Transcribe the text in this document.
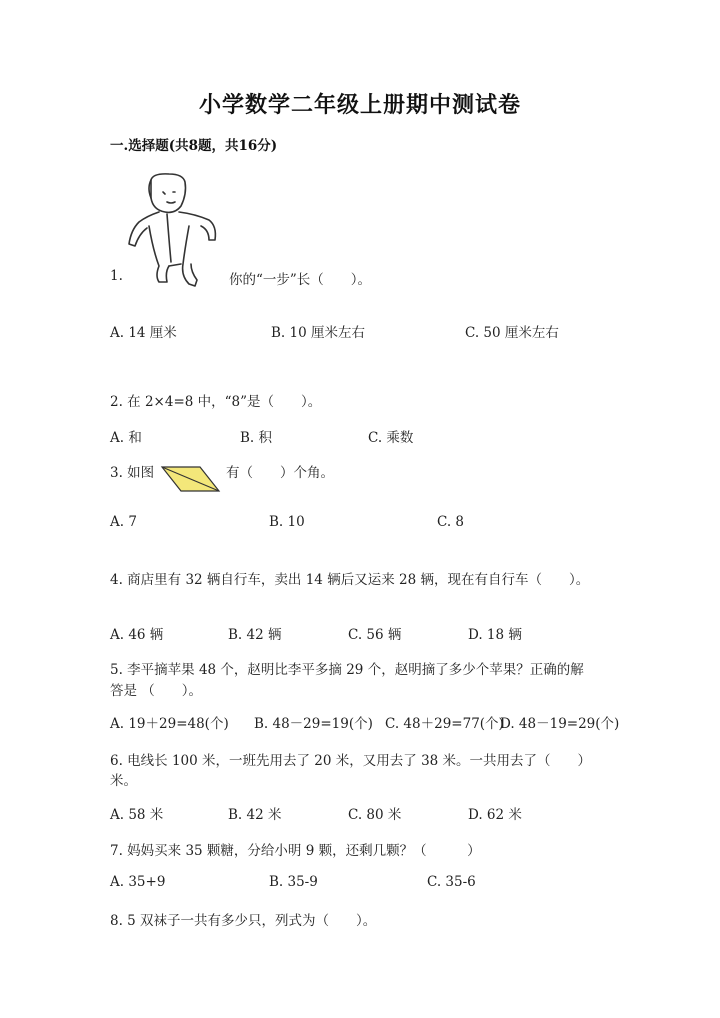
小学数学二年级上册期中测试卷
一.选择题(共8题，共16分)
1.	你的“一步”长（　　）。
A. 14 厘米	B. 10 厘米左右	C. 50 厘米左右
2. 在 2×4=8 中，“8”是（　　）。
A. 和	B. 积	C. 乘数
3. 如图	有（　　）个角。
A. 7	B. 10	C. 8
4. 商店里有 32 辆自行车，卖出 14 辆后又运来 28 辆，现在有自行车（　　）。
A. 46 辆	B. 42 辆	C. 56 辆	D. 18 辆
5. 李平摘苹果 48 个，赵明比李平多摘 29 个，赵明摘了多少个苹果？正确的解
答是 （　　）。
A. 19＋29=48(个) B. 48－29=19(个) C. 48＋29=77(个)
D. 48－19=29(个)
6. 电线长 100 米，一班先用去了 20 米，又用去了 38 米。一共用去了（　　）
米。
A. 58 米	B. 42 米	C. 80 米	D. 62 米
7. 妈妈买来 35 颗糖，分给小明 9 颗，还剩几颗？（　　　）
A. 35+9	B. 35-9	C. 35-6
8. 5 双袜子一共有多少只，列式为（　　）。
